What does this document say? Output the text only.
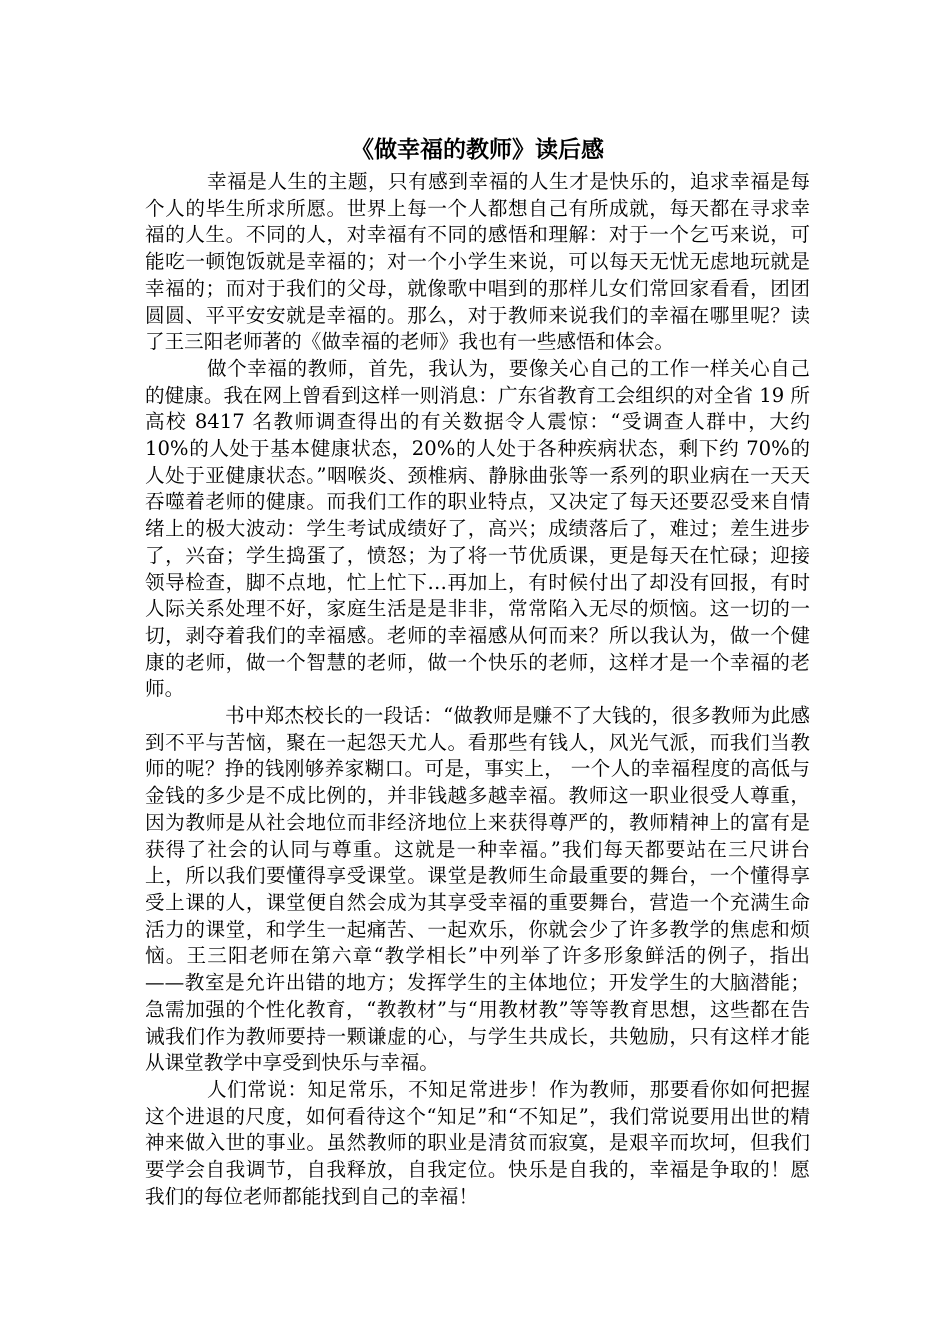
《做幸福的教师》读后感

幸福是人生的主题，只有感到幸福的人生才是快乐的，追求幸福是每个人的毕生所求所愿。世界上每一个人都想自己有所成就，每天都在寻求幸福的人生。不同的人，对幸福有不同的感悟和理解：对于一个乞丐来说，可能吃一顿饱饭就是幸福的；对一个小学生来说，可以每天无忧无虑地玩就是幸福的；而对于我们的父母，就像歌中唱到的那样儿女们常回家看看，团团圆圆、平平安安就是幸福的。那么，对于教师来说我们的幸福在哪里呢？读了王三阳老师著的《做幸福的老师》我也有一些感悟和体会。

做个幸福的教师，首先，我认为，要像关心自己的工作一样关心自己的健康。我在网上曾看到这样一则消息：广东省教育工会组织的对全省 19 所高校 8417 名教师调查得出的有关数据令人震惊：“受调查人群中，大约 10%的人处于基本健康状态，20%的人处于各种疾病状态，剩下约 70%的人处于亚健康状态。”咽喉炎、颈椎病、静脉曲张等一系列的职业病在一天天吞噬着老师的健康。而我们工作的职业特点，又决定了每天还要忍受来自情绪上的极大波动：学生考试成绩好了，高兴；成绩落后了，难过；差生进步了，兴奋；学生捣蛋了，愤怒；为了将一节优质课，更是每天在忙碌；迎接领导检查，脚不点地，忙上忙下…再加上，有时候付出了却没有回报，有时人际关系处理不好，家庭生活是是非非，常常陷入无尽的烦恼。这一切的一切，剥夺着我们的幸福感。老师的幸福感从何而来？所以我认为，做一个健康的老师，做一个智慧的老师，做一个快乐的老师，这样才是一个幸福的老师。

书中郑杰校长的一段话：“做教师是赚不了大钱的，很多教师为此感到不平与苦恼，聚在一起怨天尤人。看那些有钱人，风光气派，而我们当教师的呢？挣的钱刚够养家糊口。可是，事实上， 一个人的幸福程度的高低与金钱的多少是不成比例的，并非钱越多越幸福。教师这一职业很受人尊重，因为教师是从社会地位而非经济地位上来获得尊严的，教师精神上的富有是获得了社会的认同与尊重。这就是一种幸福。”我们每天都要站在三尺讲台上，所以我们要懂得享受课堂。课堂是教师生命最重要的舞台，一个懂得享受上课的人，课堂便自然会成为其享受幸福的重要舞台，营造一个充满生命活力的课堂，和学生一起痛苦、一起欢乐，你就会少了许多教学的焦虑和烦恼。王三阳老师在第六章“教学相长”中列举了许多形象鲜活的例子，指出——教室是允许出错的地方；发挥学生的主体地位；开发学生的大脑潜能；急需加强的个性化教育，“教教材”与“用教材教”等等教育思想，这些都在告诫我们作为教师要持一颗谦虚的心，与学生共成长，共勉励，只有这样才能从课堂教学中享受到快乐与幸福。

人们常说：知足常乐，不知足常进步！作为教师，那要看你如何把握这个进退的尺度，如何看待这个“知足”和“不知足”，我们常说要用出世的精神来做入世的事业。虽然教师的职业是清贫而寂寞，是艰辛而坎坷，但我们要学会自我调节，自我释放，自我定位。快乐是自我的，幸福是争取的！愿我们的每位老师都能找到自己的幸福！
